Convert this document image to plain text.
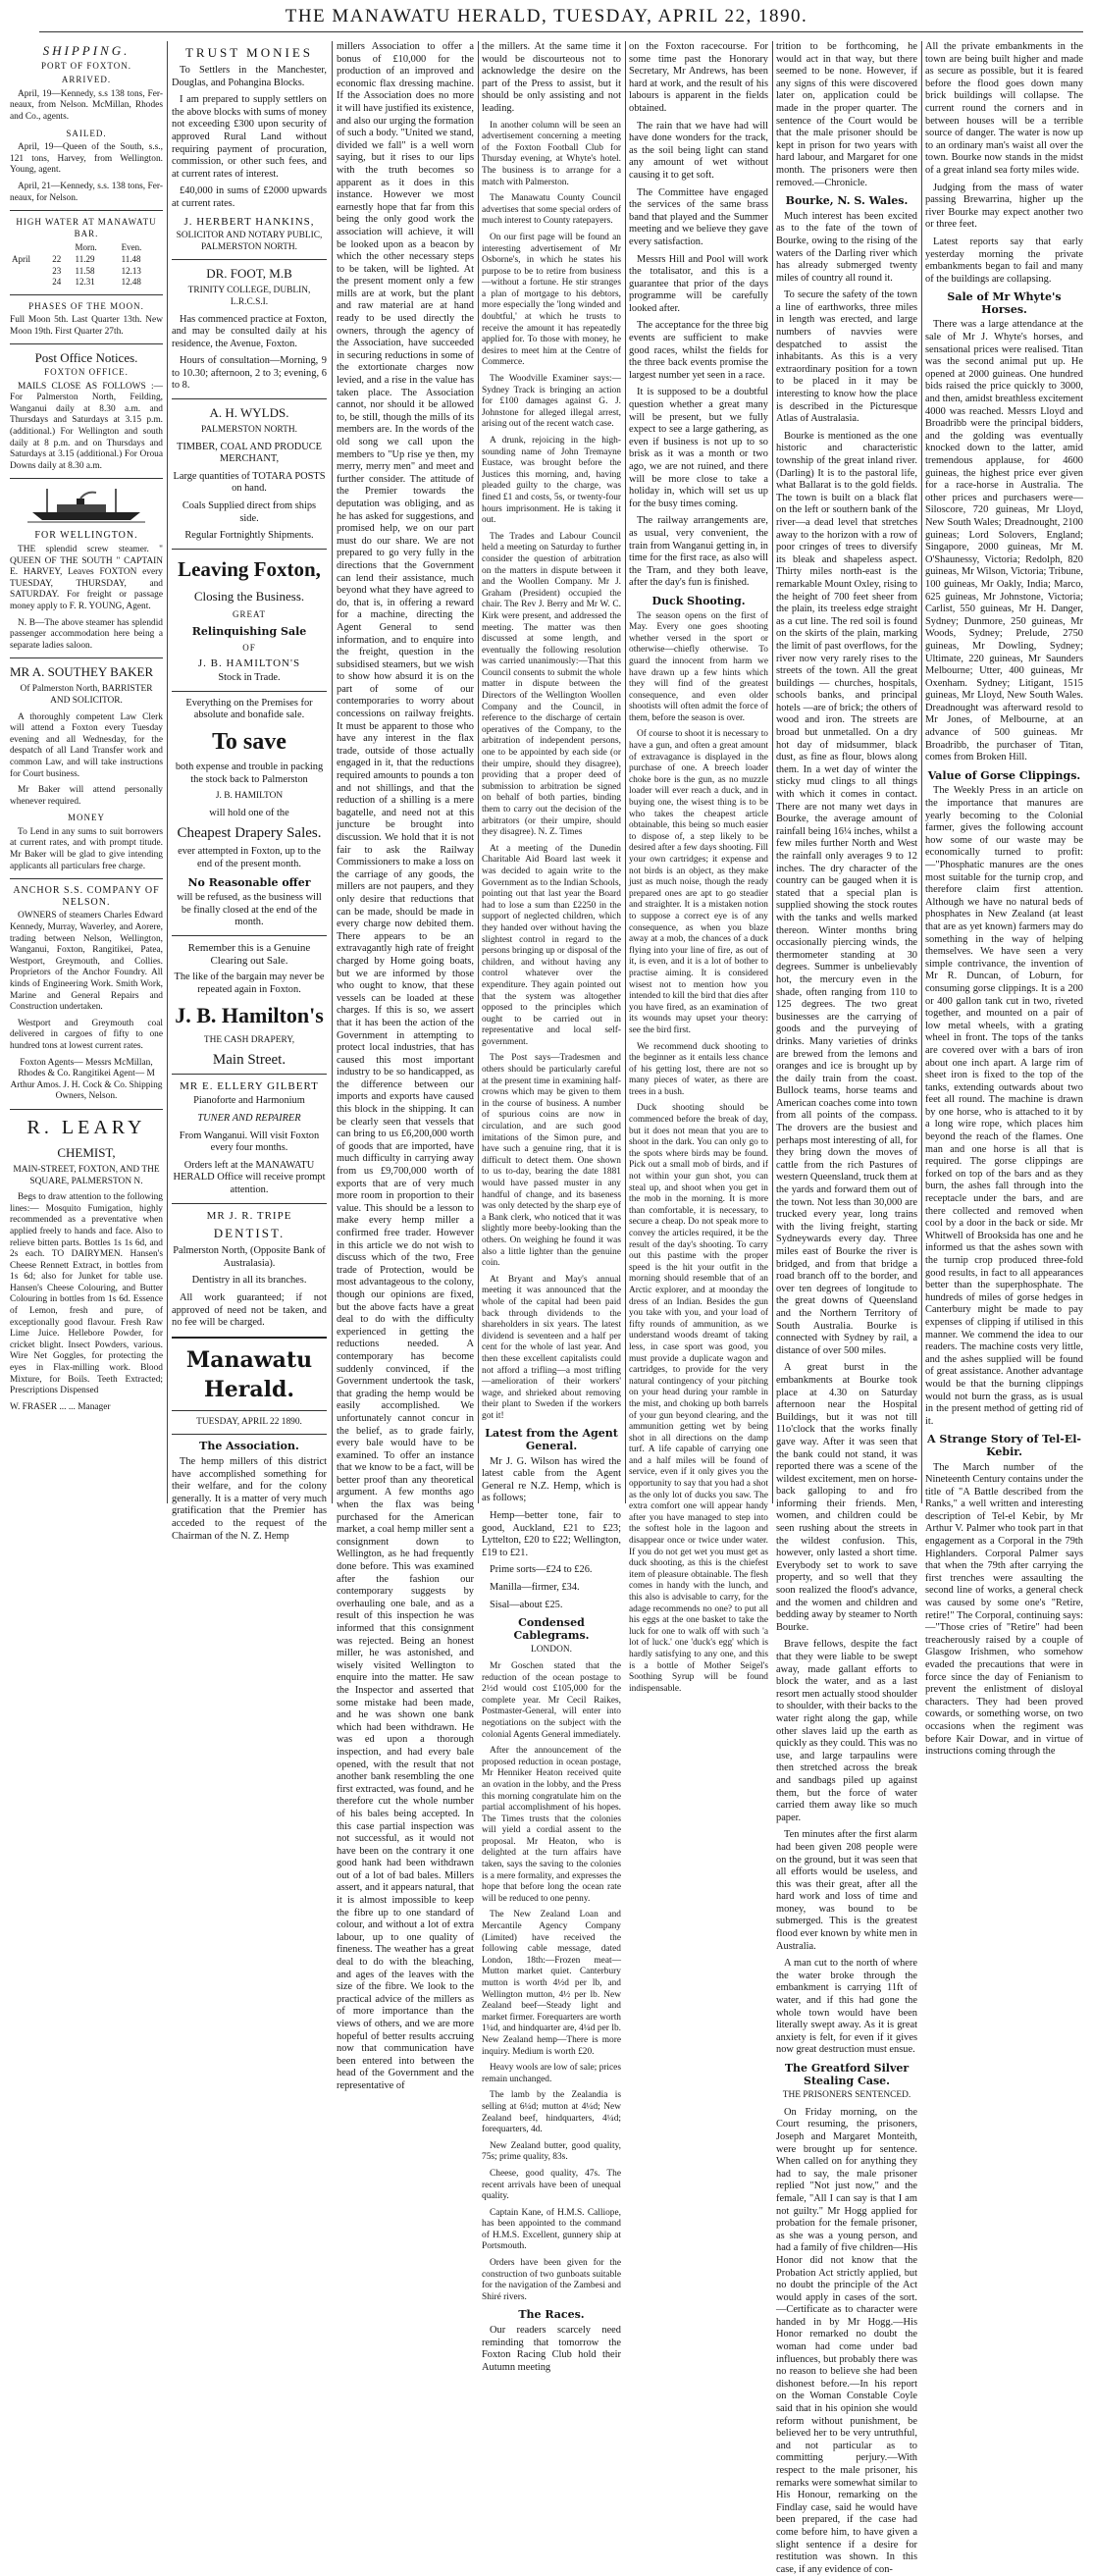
THE MANAWATU HERALD, TUESDAY, APRIL 22, 1890.
SHIPPING.
PORT OF FOXTON.
ARRIVED.

April, 19—Kennedy, s.s 138 tons, Fer-neaux, from Nelson. McMillan, Rhodes and Co., agents.

SAILED.

April, 19—Queen of the South, s.s., 121 tons, Harvey, from Wellington. Young, agent.

April, 21—Kennedy, s.s. 138 tons, Fer-neaux, for Nelson.

HIGH WATER AT MANAWATU BAR.
		Morn.	Even.
April	22	11.29	11.48
	23	11.58	12.13
	24	12.31	12.48
PHASES OF THE MOON.

Full Moon 5th. Last Quarter 13th. New Moon 19th. First Quarter 27th.

Post Office Notices.
FOXTON OFFICE.

MAILS CLOSE AS FOLLOWS :— For Palmerston North, Feilding, Wanganui daily at 8.30 a.m. and Thursdays and Saturdays at 3.15 p.m. (additional.) For Wellington and south daily at 8 p.m. and on Thursdays and Saturdays at 3.15 (additional.) For Oroua Downs daily at 8.30 a.m.

FOR WELLINGTON.

THE splendid screw steamer. " QUEEN OF THE SOUTH " CAPTAIN E. HARVEY, Leaves FOXTON every TUESDAY, THURSDAY, and SATURDAY. For freight or passage money apply to F. R. YOUNG, Agent.

N. B—The above steamer has splendid passenger accommodation here being a separate ladies saloon.

MR A. SOUTHEY BAKER

Of Palmerston North, BARRISTER AND SOLICITOR.

A thoroughly competent Law Clerk will attend a Foxton every Tuesday evening and all Wednesday, for the despatch of all Land Transfer work and common Law, and will take instructions for Court business.

Mr Baker will attend personally whenever required.

MONEY

To Lend in any sums to suit borrowers at current rates, and with prompt titude. Mr Baker will be glad to give intending applicants all particulars free charge.

ANCHOR S.S. COMPANY OF NELSON.

OWNERS of steamers Charles Edward Kennedy, Murray, Waverley, and Aorere, trading between Nelson, Wellington, Wanganui, Foxton, Rangitikei, Patea, Westport, Greymouth, and Collies. Proprietors of the Anchor Foundry. All kinds of Engineering Work. Smith Work, Marine and General Repairs and Construction undertaken.

Westport and Greymouth coal delivered in cargoes of fifty to one hundred tons at lowest current rates.

Foxton Agents— Messrs McMillan, Rhodes & Co. Rangitikei Agent— M Arthur Amos. J. H. Cock & Co. Shipping Owners, Nelson.

R. LEARY
CHEMIST,

MAIN-STREET, FOXTON, AND THE SQUARE, PALMERSTON N.

Begs to draw attention to the following lines:— Mosquito Fumigation, highly recommended as a preventative when applied freely to hands and face. Also to relieve bitten parts. Bottles 1s 1s 6d, and 2s each. TO DAIRYMEN. Hansen's Cheese Rennett Extract, in bottles from 1s 6d; also for Junket for table use. Hansen's Cheese Colouring, and Butter Colouring in bottles from 1s 6d. Essence of Lemon, fresh and pure, of exceptionally good flavour. Fresh Raw Lime Juice. Hellebore Powder, for cricket blight. Insect Powders, various. Wire Net Goggles, for protecting the eyes in Flax-milling work. Blood Mixture, for Boils. Teeth Extracted; Prescriptions Dispensed

W. FRASER ... ... Manager

TRUST MONIES

To Settlers in the Manchester, Douglas, and Pohangina Blocks.

I am prepared to supply settlers on the above blocks with sums of money not exceeding £300 upon security of approved Rural Land without requiring payment of procuration, commission, or other such fees, and at current rates of interest.

£40,000 in sums of £2000 upwards at current rates.

J. HERBERT HANKINS,

SOLICITOR AND NOTARY PUBLIC, PALMERSTON NORTH.

DR. FOOT, M.B

TRINITY COLLEGE, DUBLIN, L.R.C.S.I.

Has commenced practice at Foxton, and may be consulted daily at his residence, the Avenue, Foxton.

Hours of consultation—Morning, 9 to 10.30; afternoon, 2 to 3; evening, 6 to 8.

A. H. WYLDS.

PALMERSTON NORTH.

TIMBER, COAL AND PRODUCE MERCHANT,

Large quantities of TOTARA POSTS on hand.

Coals Supplied direct from ships side.

Regular Fortnightly Shipments.

Leaving Foxton,
Closing the Business.
GREAT
Relinquishing Sale
OF
J. B. HAMILTON'S

Stock in Trade.

Everything on the Premises for absolute and bonafide sale.

To save

both expense and trouble in packing the stock back to Palmerston

J. B. HAMILTON

will hold one of the

Cheapest Drapery Sales.

ever attempted in Foxton, up to the end of the present month.

No Reasonable offer

will be refused, as the business will be finally closed at the end of the month.

Remember this is a Genuine Clearing out Sale.

The like of the bargain may never be repeated again in Foxton.

J. B. Hamilton's

THE CASH DRAPERY,

Main Street.
MR E. ELLERY GILBERT

Pianoforte and Harmonium

TUNER AND REPAIRER

From Wanganui. Will visit Foxton every four months.

Orders left at the MANAWATU HERALD Office will receive prompt attention.

MR J. R. TRIPE
DENTIST.

Palmerston North, (Opposite Bank of Australasia).

Dentistry in all its branches.

All work guaranteed; if not approved of need not be taken, and no fee will be charged.

Manawatu Herald.

TUESDAY, APRIL 22 1890.

The Association.

The hemp millers of this district have accomplished something for their welfare, and for the colony generally. It is a matter of very much gratification that the Premier has acceded to the request of the Chairman of the N. Z. Hemp

millers Association to offer a bonus of £10,000 for the production of an improved and economic flax dressing machine. If the Association does no more it will have justified its existence, and also our urging the formation of such a body. "United we stand, divided we fall" is a well worn saying, but it rises to our lips with the truth becomes so apparent as it does in this instance. However we most earnestly hope that far from this being the only good work the association will achieve, it will be looked upon as a beacon by which the other necessary steps to be taken, will be lighted. At the present moment only a few mills are at work, but the plant and raw material are at hand ready to be used directly the owners, through the agency of the Association, have succeeded in securing reductions in some of the extortionate charges now levied, and a rise in the value has taken place. The Association cannot, nor should it be allowed to, be still, though the mills of its members are. In the words of the old song we call upon the members to "Up rise ye then, my merry, merry men" and meet and further consider. The attitude of the Premier towards the deputation was obliging, and as he has asked for suggestions, and promised help, we on our part must do our share. We are not prepared to go very fully in the directions that the Government can lend their assistance, much beyond what they have agreed to do, that is, in offering a reward for a machine, directing the Agent General to send information, and to enquire into the freight, question in the subsidised steamers, but we wish to show how absurd it is on the part of some of our contemporaries to worry about concessions on railway freights. It must be apparent to those who have any interest in the flax trade, outside of those actually engaged in it, that the reductions required amounts to pounds a ton and not shillings, and that the reduction of a shilling is a mere bagatelle, and need not at this juncture be brought into discussion. We hold that it is not fair to ask the Railway Commissioners to make a loss on the carriage of any goods, the millers are not paupers, and they only desire that reductions that can be made, should be made in every charge now debited them. There appears to be an extravagantly high rate of freight charged by Home going boats, but we are informed by those who ought to know, that these vessels can be loaded at these charges. If this is so, we assert that it has been the action of the Government in attempting to protect local industries, that has caused this most important industry to be so handicapped, as the difference between our imports and exports have caused this block in the shipping. It can be clearly seen that vessels that can bring to us £6,200,000 worth of goods that are imported, have much difficulty in carrying away from us £9,700,000 worth of exports that are of very much more room in proportion to their value. This should be a lesson to make every hemp miller a confirmed free trader. However in this article we do not wish to discuss which of the two, Free trade of Protection, would be most advantageous to the colony, though our opinions are fixed, but the above facts have a great deal to do with the difficulty experienced in getting the reductions needed. A contemporary has become suddenly convinced, if the Government undertook the task, that grading the hemp would be easily accomplished. We unfortunately cannot concur in the belief, as to grade fairly, every bale would have to be examined. To offer an instance that we know to be a fact, will be better proof than any theoretical argument. A few months ago when the flax was being purchased for the American market, a coal hemp miller sent a consignment down to Wellington, as he had frequently done before. This was examined after the fashion our contemporary suggests by overhauling one bale, and as a result of this inspection he was informed that this consignment was rejected. Being an honest miller, he was astonished, and wisely visited Wellington to enquire into the matter. He saw the Inspector and asserted that some mistake had been made, and he was shown one bank which had been withdrawn. He was ed upon a thorough inspection, and had every bale opened, with the result that not another bank resembling the one first extracted, was found, and he therefore cut the whole number of his bales being accepted. In this case partial inspection was not successful, as it would not have been on the contrary it one good hank had been withdrawn out of a lot of bad bales. Millers assert, and it appears natural, that it is almost impossible to keep the fibre up to one standard of colour, and without a lot of extra labour, up to one quality of fineness. The weather has a great deal to do with the bleaching, and ages of the leaves with the size of the fibre. We look to the practical advice of the millers as of more importance than the views of others, and we are more hopeful of better results accruing now that communication have been entered into between the head of the Government and the representative of

the millers. At the same time it would be discourteous not to acknowledge the desire on the part of the Press to assist, but it should be only assisting and not leading.

In another column will be seen an advertisement concerning a meeting of the Foxton Football Club for Thursday evening, at Whyte's hotel. The business is to arrange for a match with Palmerston.

The Manawatu County Council advertises that some special orders of much interest to County ratepayers.

On our first page will be found an interesting advertisement of Mr Osborne's, in which he states his purpose to be to retire from business—without a fortune. He stir stranges a plan of mortgage to his debtors, more especially the 'long winded and doubtful,' at which he trusts to receive the amount it has repeatedly applied for. To those with money, he desires to meet him at the Centre of Commerce.

The Woodville Examiner says:—Sydney Track is bringing an action for £100 damages against G. J. Johnstone for alleged illegal arrest, arising out of the recent watch case.

A drunk, rejoicing in the high-sounding name of John Tremayne Eustace, was brought before the Justices this morning, and, having pleaded guilty to the charge, was fined £1 and costs, 5s, or twenty-four hours imprisonment. He is taking it out.

The Trades and Labour Council held a meeting on Saturday to further consider the question of arbitration on the matters in dispute between it and the Woollen Company. Mr J. Graham (President) occupied the chair. The Rev J. Berry and Mr W. C. Kirk were present, and addressed the meeting. The matter was then discussed at some length, and eventually the following resolution was carried unanimously:—That this Council consents to submit the whole matter in dispute between the Directors of the Wellington Woollen Company and the Council, in reference to the discharge of certain operatives of the Company, to the arbitration of independent persons, one to be appointed by each side (or their umpire, should they disagree), providing that a proper deed of submission to arbitration be signed on behalf of both parties, binding them to carry out the decision of the arbitrators (or their umpire, should they disagree). N. Z. Times

At a meeting of the Dunedin Charitable Aid Board last week it was decided to again write to the Government as to the Indian Schools, pointing out that last year the Board had to lose a sum than £2250 in the support of neglected children, which they handed over without having the slightest control in regard to the persons bringing up or disposal of the children, and without having any control whatever over the expenditure. They again pointed out that the system was altogether opposed to the principles which ought to be carried out in representative and local self-government.

The Post says—Tradesmen and others should be particularly careful at the present time in examining half-crowns which may be given to them in the course of business. A number of spurious coins are now in circulation, and are such good imitations of the Simon pure, and have such a genuine ring, that it is difficult to detect them. One shown to us to-day, bearing the date 1881 would have passed muster in any handful of change, and its baseness was only detected by the sharp eye of a Bank clerk, who noticed that it was slightly more beeby-looking than the others. On weighing he found it was also a little lighter than the genuine coin.

At Bryant and May's annual meeting it was announced that the whole of the capital had been paid back through dividends to the shareholders in six years. The latest dividend is seventeen and a half per cent for the whole of last year. And then these excellent capitalists could not afford a trifling—a most trifling—amelioration of their workers' wage, and shrieked about removing their plant to Sweden if the workers got it!

Latest from the Agent General.

Mr J. G. Wilson has wired the latest cable from the Agent General re N.Z. Hemp, which is as follows;

Hemp—better tone, fair to good, Auckland, £21 to £23; Lyttelton, £20 to £22; Wellington, £19 to £21.

Prime sorts—£24 to £26.

Manilla—firmer, £34.

Sisal—about £25.

Condensed Cablegrams.

LONDON.

Mr Goschen stated that the reduction of the ocean postage to 2½d would cost £105,000 for the complete year. Mr Cecil Raikes, Postmaster-General, will enter into negotiations on the subject with the colonial Agents General immediately.

After the announcement of the proposed reduction in ocean postage, Mr Henniker Heaton received quite an ovation in the lobby, and the Press this morning congratulate him on the partial accomplishment of his hopes. The Times trusts that the colonies will yield a cordial assent to the proposal. Mr Heaton, who is delighted at the turn affairs have taken, says the saving to the colonies is a mere formality, and expresses the hope that before long the ocean rate will be reduced to one penny.

The New Zealand Loan and Mercantile Agency Company (Limited) have received the following cable message, dated London, 18th:—Frozen meat—Mutton market quiet. Canterbury mutton is worth 4½d per lb, and Wellington mutton, 4½ per lb. New Zealand beef—Steady light and market firmer. Forequarters are worth 1¼d, and hindquarter are, 4¼d per lb. New Zealand hemp—There is more inquiry. Medium is worth £20.

Heavy wools are low of sale; prices remain unchanged.

The lamb by the Zealandia is selling at 6¼d; mutton at 4¼d; New Zealand beef, hindquarters, 4¼d; forequarters, 4d.

New Zealand butter, good quality, 75s; prime quality, 83s.

Cheese, good quality, 47s. The recent arrivals have been of unequal quality.

Captain Kane, of H.M.S. Calliope, has been appointed to the command of H.M.S. Excellent, gunnery ship at Portsmouth.

Orders have been given for the construction of two gunboats suitable for the navigation of the Zambesi and Shiré rivers.

The Races.

Our readers scarcely need reminding that tomorrow the Foxton Racing Club hold their Autumn meeting

on the Foxton racecourse. For some time past the Honorary Secretary, Mr Andrews, has been hard at work, and the result of his labours is apparent in the fields obtained.

The rain that we have had will have done wonders for the track, as the soil being light can stand any amount of wet without causing it to get soft.

The Committee have engaged the services of the same brass band that played and the Summer meeting and we believe they gave every satisfaction.

Messrs Hill and Pool will work the totalisator, and this is a guarantee that prior of the days programme will be carefully looked after.

The acceptance for the three big events are sufficient to make good races, whilst the fields for the three back events promise the largest number yet seen in a race.

It is supposed to be a doubtful question whether a great many will be present, but we fully expect to see a large gathering, as even if business is not up to so brisk as it was a month or two ago, we are not ruined, and there will be more close to take a holiday in, which will set us up for the busy times coming.

The railway arrangements are, as usual, very convenient, the train from Wanganui getting in, in time for the first race, as also will the Tram, and they both leave, after the day's fun is finished.

Duck Shooting.

The season opens on the first of May. Every one goes shooting whether versed in the sport or otherwise—chiefly otherwise. To guard the innocent from harm we have drawn up a few hints which they will find of the greatest consequence, and even older shootists will often admit the force of them, before the season is over.

Of course to shoot it is necessary to have a gun, and often a great amount of extravagance is displayed in the purchase of one. A breech loader choke bore is the gun, as no muzzle loader will ever reach a duck, and in buying one, the wisest thing is to be who takes the cheapest article obtainable, this being so much easier to dispose of, a step likely to be desired after a few days shooting. Fill your own cartridges; it expense and not birds is an object, as they make just as much noise, though the ready prepared ones are apt to go steadier and straighter. It is a mistaken notion to suppose a correct eye is of any consequence, as when you blaze away at a mob, the chances of a duck flying into your line of fire, as out of it, is even, and it is a lot of bother to practise aiming. It is considered wisest not to mention how you intended to kill the bird that dies after you have fired, as an examination of its wounds may upset your theory: see the bird first.

We recommend duck shooting to the beginner as it entails less chance of his getting lost, there are not so many pieces of water, as there are trees in a bush.

Duck shooting should be commenced before the break of day, but it does not mean that you are to shoot in the dark. You can only go to the spots where birds may be found. Pick out a small mob of birds, and if not within your gun shot, you can steal up, and shoot when you get in the mob in the morning. It is more than comfortable, it is necessary, to secure a cheap. Do not speak more to convey the articles required, it be the result of the day's shooting. To carry out this pastime with the proper speed is the hit your outfit in the morning should resemble that of an Arctic explorer, and at moonday the dress of an Indian. Besides the gun you take with you, and your load of fifty rounds of ammunition, as we understand woods dreamt of taking less, in case sport was good, you must provide a duplicate wagon and cartridges, to provide for the very natural contingency of your pitching on your head during your ramble in the mist, and choking up both barrels of your gun beyond clearing, and the ammunition getting wet by being shot in all directions on the damp turf. A life capable of carrying one and a half miles will be found of service, even if it only gives you the opportunity to say that you had a shot as the only lot of ducks you saw. The extra comfort one will appear handy after you have managed to step into the softest hole in the lagoon and disappear once or twice under water. If you do not get wet you must get as duck shooting, as this is the chiefest item of pleasure obtainable. The flesh comes in handy with the lunch, and this also is advisable to carry, for the adage recommends no one? to put all his eggs at the one basket to take the luck for one to walk off with such 'a lot of luck.' one 'duck's egg' which is hardly satisfying to any one, and this is a bottle of Mother Seigel's Soothing Syrup will be found indispensable.

trition to be forthcoming, he would act in that way, but there seemed to be none. However, if any signs of this were discovered later on, application could be made in the proper quarter. The sentence of the Court would be that the male prisoner should be kept in prison for two years with hard labour, and Margaret for one month. The prisoners were then removed.—Chronicle.

Bourke, N. S. Wales.

Much interest has been excited as to the fate of the town of Bourke, owing to the rising of the waters of the Darling river which has already submerged twenty miles of country all round it.

To secure the safety of the town a line of earthworks, three miles in length was erected, and large numbers of navvies were despatched to assist the inhabitants. As this is a very extraordinary position for a town to be placed in it may be interesting to know how the place is described in the Picturesque Atlas of Australasia.

Bourke is mentioned as the one historic and characteristic township of the great inland river. (Darling) It is to the pastoral life, what Ballarat is to the gold fields. The town is built on a black flat on the left or southern bank of the river—a dead level that stretches away to the horizon with a row of poor cringes of trees to diversify its bleak and shapeless aspect. Thirty miles north-east is the remarkable Mount Oxley, rising to the height of 700 feet sheer from the plain, its treeless edge straight as a cut line. The red soil is found on the skirts of the plain, marking the limit of past overflows, for the river now very rarely rises to the streets of the town. All the great buildings — churches, hospitals, schools banks, and principal hotels —are of brick; the others of wood and iron. The streets are broad but unmetalled. On a dry hot day of midsummer, black dust, as fine as flour, blows along them. In a wet day of winter the sticky mud clings to all things with which it comes in contact. There are not many wet days in Bourke, the average amount of rainfall being 16¼ inches, whilst a few miles further North and West the rainfall only averages 9 to 12 inches. The dry character of the country can be gauged when it is stated that a special plan is supplied showing the stock routes with the tanks and wells marked thereon. Winter months bring occasionally piercing winds, the thermometer standing at 30 degrees. Summer is unbelievably hot, the mercury even in the shade, often ranging from 110 to 125 degrees. The two great businesses are the carrying of goods and the purveying of drinks. Many varieties of drinks are brewed from the lemons and oranges and ice is brought up by the daily train from the coast. Bullock teams, horse teams and American coaches come into town from all points of the compass. The drovers are the busiest and perhaps most interesting of all, for they bring down the moves of cattle from the rich Pastures of western Queensland, truck them at the yards and forward them out of the town. Not less than 30,000 are trucked every year, long trains with the living freight, starting Sydneywards every day. Three miles east of Bourke the river is bridged, and from that bridge a road branch off to the border, and over ten degrees of longitude to the great downs of Queensland and the Northern Territory of South Australia. Bourke is connected with Sydney by rail, a distance of over 500 miles.

A great burst in the embankments at Bourke took place at 4.30 on Saturday afternoon near the Hospital Buildings, but it was not till 11o'clock that the works finally gave way. After it was seen that the bank could not stand, it was reported there was a scene of the wildest excitement, men on horse-back galloping to and fro informing their friends. Men, women, and children could be seen rushing about the streets in the wildest confusion. This, however, only lasted a short time. Everybody set to work to save property, and so well that they soon realized the flood's advance, and the women and children and bedding away by steamer to North Bourke.

Brave fellows, despite the fact that they were liable to be swept away, made gallant efforts to block the water, and as a last resort men actually stood shoulder to shoulder, with their backs to the water right along the gap, while other slaves laid up the earth as quickly as they could. This was no use, and large tarpaulins were then stretched across the break and sandbags piled up against them, but the force of water carried them away like so much paper.

Ten minutes after the first alarm had been given 208 people were on the ground, but it was seen that all efforts would be useless, and this was their great, after all the hard work and loss of time and money, was bound to be submerged. This is the greatest flood ever known by white men in Australia.

A man cut to the north of where the water broke through the embankment is carrying 11ft of water, and if this had gone the whole town would have been literally swept away. As it is great anxiety is felt, for even if it gives now great destruction must ensue.

The Greatford Silver Stealing Case.

THE PRISONERS SENTENCED.

On Friday morning, on the Court resuming, the prisoners, Joseph and Margaret Monteith, were brought up for sentence. When called on for anything they had to say, the male prisoner replied "Not just now," and the female, "All I can say is that I am not guilty." Mr Hogg applied for probation for the female prisoner, as she was a young person, and had a family of five children—His Honor did not know that the Probation Act strictly applied, but no doubt the principle of the Act would apply in cases of the sort.—Certificate as to character were handed in by Mr Hogg.—His Honor remarked no doubt the woman had come under bad influences, but probably there was no reason to believe she had been dishonest before.—In his report on the Woman Constable Coyle said that in his opinion she would reform without punishment, be believed her to be very untruthful, and not particular as to committing perjury.—With respect to the male prisoner, his remarks were somewhat similar to His Honour, remarking on the Findlay case, said he would have been prepared, if the case had come before him, to have given a slight sentence if a desire for restitution was shown. In this case, if any evidence of con-

All the private embankments in the town are being built higher and made as secure as possible, but it is feared before the flood goes down many brick buildings will collapse. The current round the corners and in between houses will be a terrible source of danger. The water is now up to an ordinary man's waist all over the town. Bourke now stands in the midst of a great inland sea forty miles wide.

Judging from the mass of water passing Brewarrina, higher up the river Bourke may expect another two or three feet.

Latest reports say that early yesterday morning the private embankments began to fail and many of the buildings are collapsing.

Sale of Mr Whyte's Horses.

There was a large attendance at the sale of Mr J. Whyte's horses, and sensational prices were realised. Titan was the second animal put up. He opened at 2000 guineas. One hundred bids raised the price quickly to 3000, and then, amidst breathless excitement 4000 was reached. Messrs Lloyd and Broadribb were the principal bidders, and the golding was eventually knocked down to the latter, amid tremendous applause, for 4600 guineas, the highest price ever given for a race-horse in Australia. The other prices and purchasers were—Siloscore, 720 guineas, Mr Lloyd, New South Wales; Dreadnought, 2100 guineas; Lord Solovers, England; Singapore, 2000 guineas, Mr M. O'Shaunessy, Victoria; Redolph, 820 guineas, Mr Wilson, Victoria; Tribune, 100 guineas, Mr Oakly, India; Marco, 625 guineas, Mr Johnstone, Victoria; Carlist, 550 guineas, Mr H. Danger, Sydney; Dunmore, 250 guineas, Mr Woods, Sydney; Prelude, 2750 guineas, Mr Dowling, Sydney; Ultimate, 220 guineas, Mr Saunders Melbourne; Utter, 400 guineas, Mr Oxenham. Sydney; Litigant, 1515 guineas, Mr Lloyd, New South Wales. Dreadnought was afterward resold to Mr Jones, of Melbourne, at an advance of 500 guineas. Mr Broadribb, the purchaser of Titan, comes from Broken Hill.

Value of Gorse Clippings.

The Weekly Press in an article on the importance that manures are yearly becoming to the Colonial farmer, gives the following account how some of our waste may be economically turned to profit:—"Phosphatic manures are the ones most suitable for the turnip crop, and therefore claim first attention. Although we have no natural beds of phosphates in New Zealand (at least that are as yet known) farmers may do something in the way of helping themselves. We have seen a very simple contrivance, the invention of Mr R. Duncan, of Loburn, for consuming gorse clippings. It is a 200 or 400 gallon tank cut in two, riveted together, and mounted on a pair of low metal wheels, with a grating wheel in front. The tops of the tanks are covered over with a bars of iron about one inch apart. A large rim of sheet iron is fixed to the top of the tanks, extending outwards about two feet all round. The machine is drawn by one horse, who is attached to it by a long wire rope, which places him beyond the reach of the flames. One man and one horse is all that is required. The gorse clippings are forked on top of the bars and as they burn, the ashes fall through into the receptacle under the bars, and are there collected and removed when cool by a door in the back or side. Mr Whitwell of Brooksida has one and he informed us that the ashes sown with the turnip crop produced three-fold good results, in fact to all appearances better than the superphosphate. The hundreds of miles of gorse hedges in Canterbury might be made to pay expenses of clipping if utilised in this manner. We commend the idea to our readers. The machine costs very little, and the ashes supplied will be found of great assistance. Another advantage would be that the burning clippings would not burn the grass, as is usual in the present method of getting rid of it.

A Strange Story of Tel-El-Kebir.

The March number of the Nineteenth Century contains under the title of "A Battle described from the Ranks," a well written and interesting description of Tel-el Kebir, by Mr Arthur V. Palmer who took part in that engagement as a Corporal in the 79th Highlanders. Corporal Palmer says that when the 79th after carrying the first trenches were assaulting the second line of works, a general check was caused by some one's "Retire, retire!" The Corporal, continuing says:—"Those cries of "Retire" had been treacherously raised by a couple of Glasgow Irishmen, who somehow evaded the precautions that were in force since the day of Fenianism to prevent the enlistment of disloyal characters. They had been proved cowards, or something worse, on two occasions when the regiment was before Kair Dowar, and in virtue of instructions coming through the
